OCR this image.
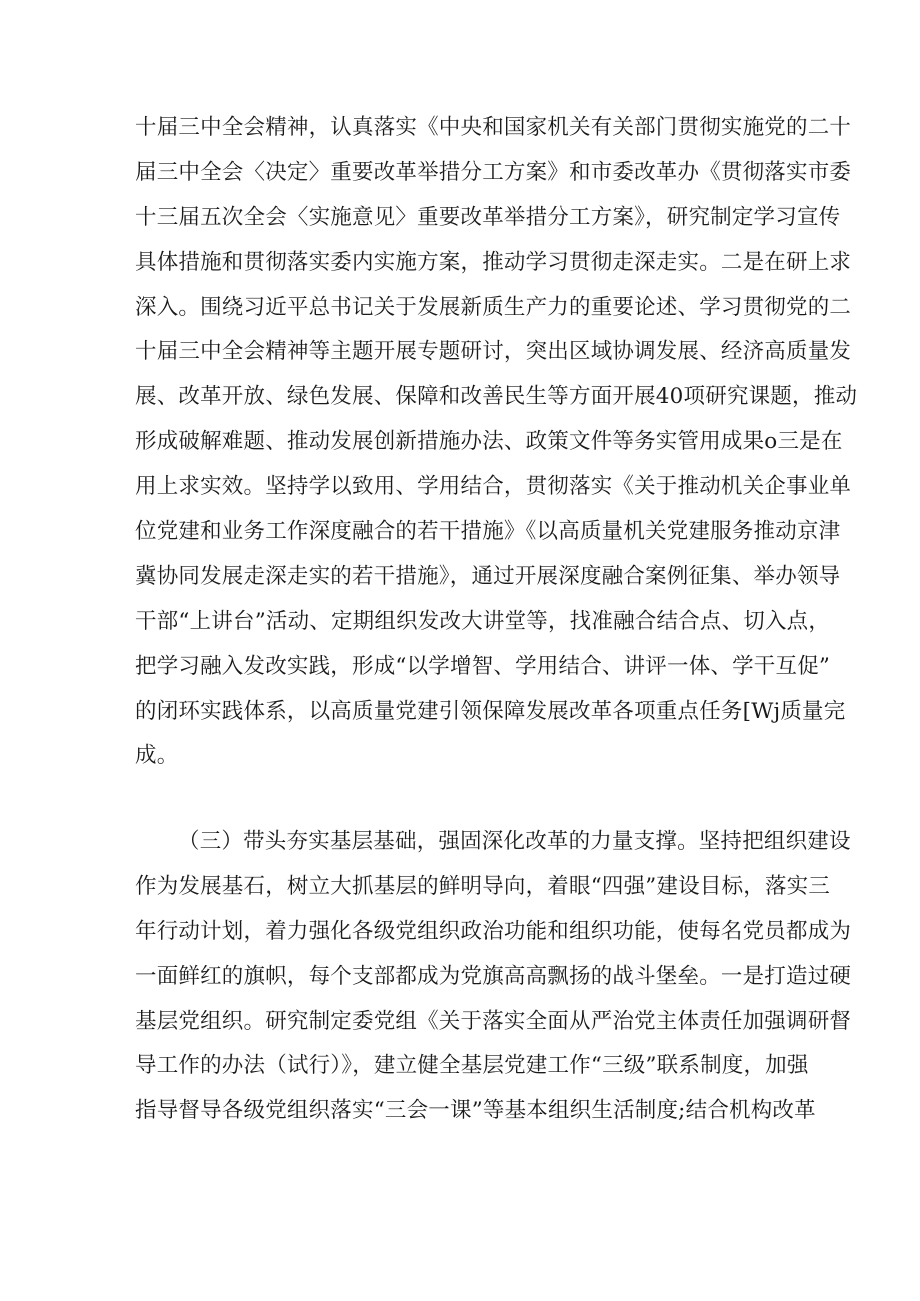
十届三中全会精神，认真落实《中央和国家机关有关部门贯彻实施党的二十
届三中全会〈决定〉重要改革举措分工方案》和市委改革办《贯彻落实市委
十三届五次全会〈实施意见〉重要改革举措分工方案》，研究制定学习宣传
具体措施和贯彻落实委内实施方案，推动学习贯彻走深走实。二是在研上求
深入。围绕习近平总书记关于发展新质生产力的重要论述、学习贯彻党的二
十届三中全会精神等主题开展专题研讨，突出区域协调发展、经济高质量发
展、改革开放、绿色发展、保障和改善民生等方面开展40项研究课题，推动
形成破解难题、推动发展创新措施办法、政策文件等务实管用成果o三是在
用上求实效。坚持学以致用、学用结合，贯彻落实《关于推动机关企事业单
位党建和业务工作深度融合的若干措施》《以高质量机关党建服务推动京津
冀协同发展走深走实的若干措施》，通过开展深度融合案例征集、举办领导
干部“上讲台”活动、定期组织发改大讲堂等，找准融合结合点、切入点，
把学习融入发改实践，形成“以学增智、学用结合、讲评一体、学干互促”
的闭环实践体系，以高质量党建引领保障发展改革各项重点任务[Wj质量完
成。
（三）带头夯实基层基础，强固深化改革的力量支撑。坚持把组织建设
作为发展基石，树立大抓基层的鲜明导向，着眼“四强”建设目标，落实三
年行动计划，着力强化各级党组织政治功能和组织功能，使每名党员都成为
一面鲜红的旗帜，每个支部都成为党旗高高飘扬的战斗堡垒。一是打造过硬
基层党组织。研究制定委党组《关于落实全面从严治党主体责任加强调研督
导工作的办法（试行）》，建立健全基层党建工作“三级”联系制度，加强
指导督导各级党组织落实“三会一课”等基本组织生活制度;结合机构改革
